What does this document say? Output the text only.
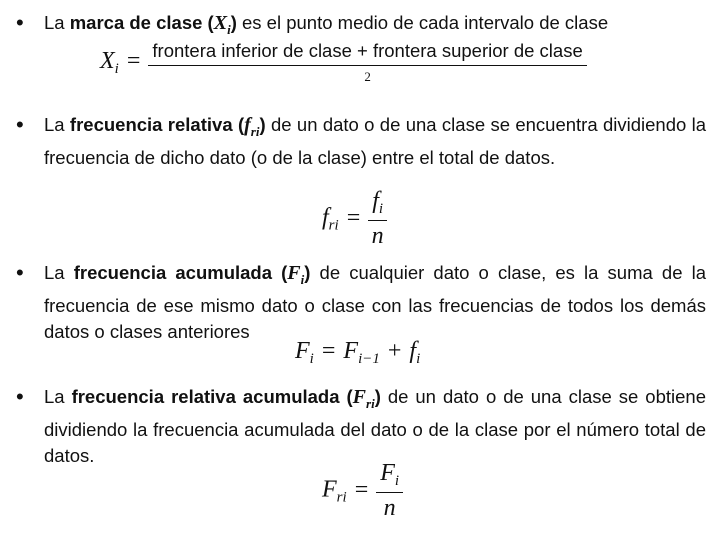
• La marca de clase $(X_i)$ es el punto medio de cada intervalo de clase
$X_i = \frac{\text{frontera inferior de clase + frontera superior de clase}}{2}$
• La frecuencia relativa $(f_{ri})$ de un dato o de una clase se encuentra dividiendo la frecuencia de dicho dato (o de la clase) entre el total de datos.
$f_{ri} = \frac{f_i}{n}$
• La frecuencia acumulada $(F_i)$ de cualquier dato o clase, es la suma de la frecuencia de ese mismo dato o clase con las frecuencias de todos los demás datos o clases anteriores
$F_i = F_{i-1} + f_i$
• La frecuencia relativa acumulada $(F_{ri})$ de un dato o de una clase se obtiene dividiendo la frecuencia acumulada del dato o de la clase por el número total de datos.
$F_{ri} = \frac{F_i}{n}$
